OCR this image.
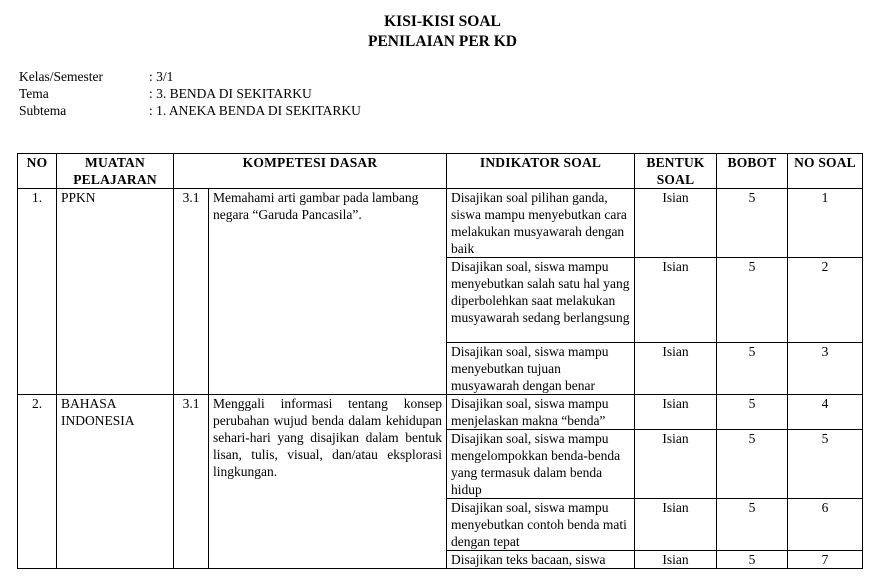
KISI-KISI SOAL
PENILAIAN PER KD
Kelas/Semester	: 3/1
Tema	: 3. BENDA DI SEKITARKU
Subtema	: 1. ANEKA BENDA DI SEKITARKU
NO	MUATAN PELAJARAN	KOMPETESI DASAR		INDIKATOR SOAL	BENTUK SOAL	BOBOT	NO SOAL
1.	PPKN	3.1	Memahami arti gambar pada lambang negara “Garuda Pancasila”.	Disajikan soal pilihan ganda, siswa mampu menyebutkan cara melakukan musyawarah dengan baik	Isian	5	1
				Disajikan soal, siswa mampu menyebutkan salah satu hal yang diperbolehkan saat melakukan musyawarah sedang berlangsung	Isian	5	2
				Disajikan soal, siswa mampu menyebutkan tujuan musyawarah dengan benar	Isian	5	3
2.	BAHASA INDONESIA	3.1	Menggali informasi tentang konsep perubahan wujud benda dalam kehidupan sehari-hari yang disajikan dalam bentuk lisan, tulis, visual, dan/atau eksplorasi lingkungan.	Disajikan soal, siswa mampu menjelaskan makna “benda”	Isian	5	4
				Disajikan soal, siswa mampu mengelompokkan benda-benda yang termasuk dalam benda hidup	Isian	5	5
				Disajikan soal, siswa mampu menyebutkan contoh benda mati dengan tepat	Isian	5	6
				Disajikan teks bacaan, siswa	Isian	5	7
